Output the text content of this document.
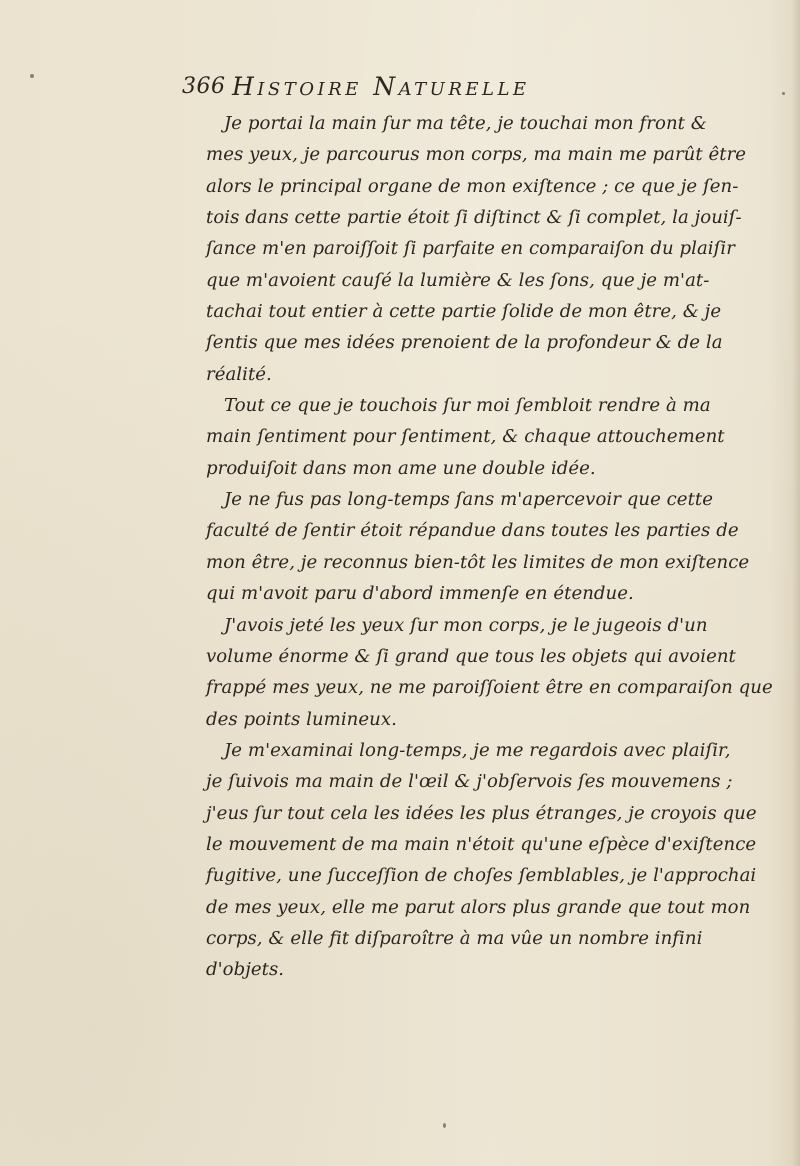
366 Histoire Naturelle

Je portai la main ſur ma tête, je touchai mon front &
mes yeux, je parcourus mon corps, ma main me parût être
alors le principal organe de mon exiſtence ; ce que je ſen-
tois dans cette partie étoit ſi diſtinct & ſi complet, la jouiſ-
ſance m'en paroiſſoit ſi parfaite en comparaiſon du plaiſir
que m'avoient cauſé la lumière & les ſons, que je m'at-
tachai tout entier à cette partie ſolide de mon être, & je
ſentis que mes idées prenoient de la profondeur & de la
réalité.

Tout ce que je touchois ſur moi ſembloit rendre à ma
main ſentiment pour ſentiment, & chaque attouchement
produiſoit dans mon ame une double idée.

Je ne fus pas long-temps ſans m'apercevoir que cette
faculté de ſentir étoit répandue dans toutes les parties de
mon être, je reconnus bien-tôt les limites de mon exiſtence
qui m'avoit paru d'abord immenſe en étendue.

J'avois jeté les yeux ſur mon corps, je le jugeois d'un
volume énorme & ſi grand que tous les objets qui avoient
frappé mes yeux, ne me paroiſſoient être en comparaiſon que
des points lumineux.

Je m'examinai long-temps, je me regardois avec plaiſir,
je ſuivois ma main de l'œil & j'obſervois ſes mouvemens ;
j'eus ſur tout cela les idées les plus étranges, je croyois que
le mouvement de ma main n'étoit qu'une eſpèce d'exiſtence
fugitive, une ſucceſſion de choſes ſemblables, je l'approchai
de mes yeux, elle me parut alors plus grande que tout mon
corps, & elle fit diſparoître à ma vûe un nombre infini
d'objets.
